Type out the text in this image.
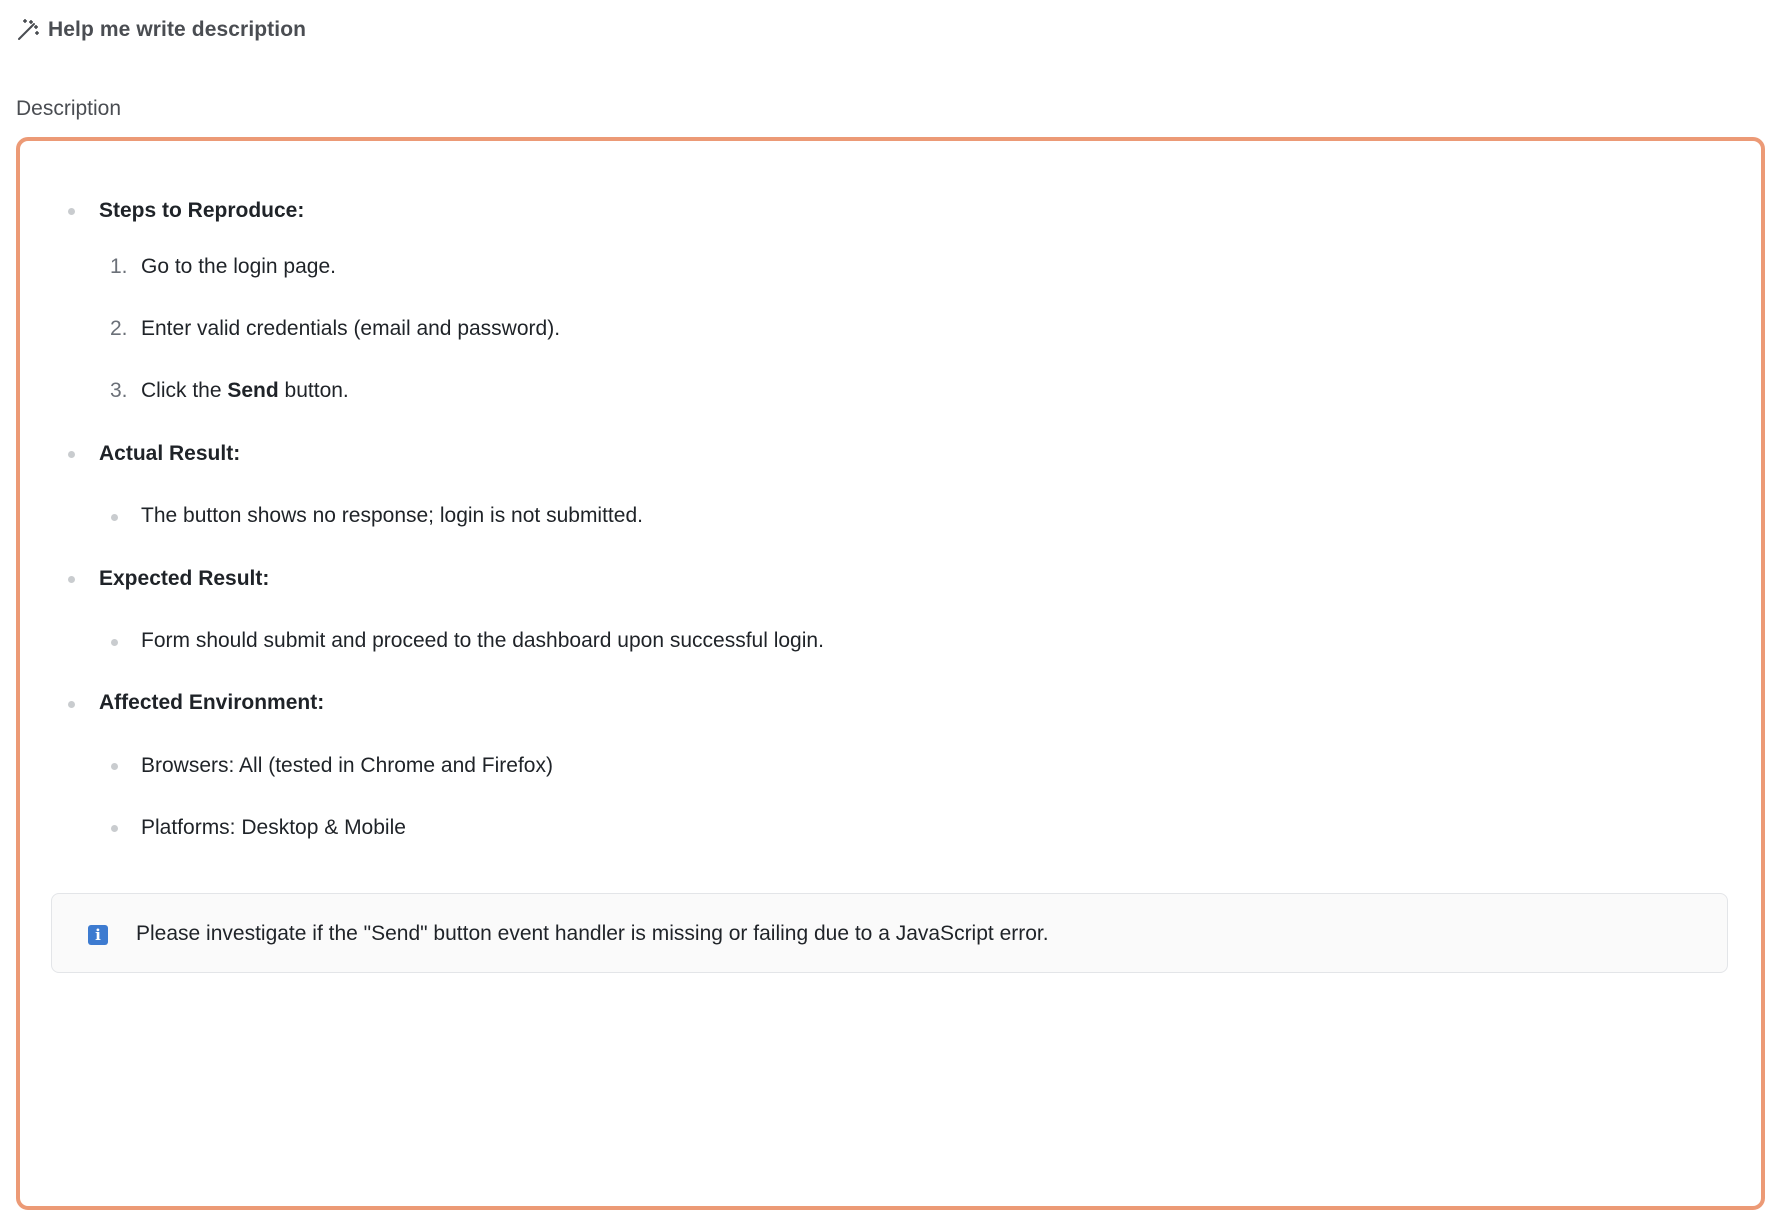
Help me write description
Description
Steps to Reproduce:
1. Go to the login page.
2. Enter valid credentials (email and password).
3. Click the Send button.
Actual Result:
The button shows no response; login is not submitted.
Expected Result:
Form should submit and proceed to the dashboard upon successful login.
Affected Environment:
Browsers: All (tested in Chrome and Firefox)
Platforms: Desktop & Mobile
i	Please investigate if the "Send" button event handler is missing or failing due to a JavaScript error.
